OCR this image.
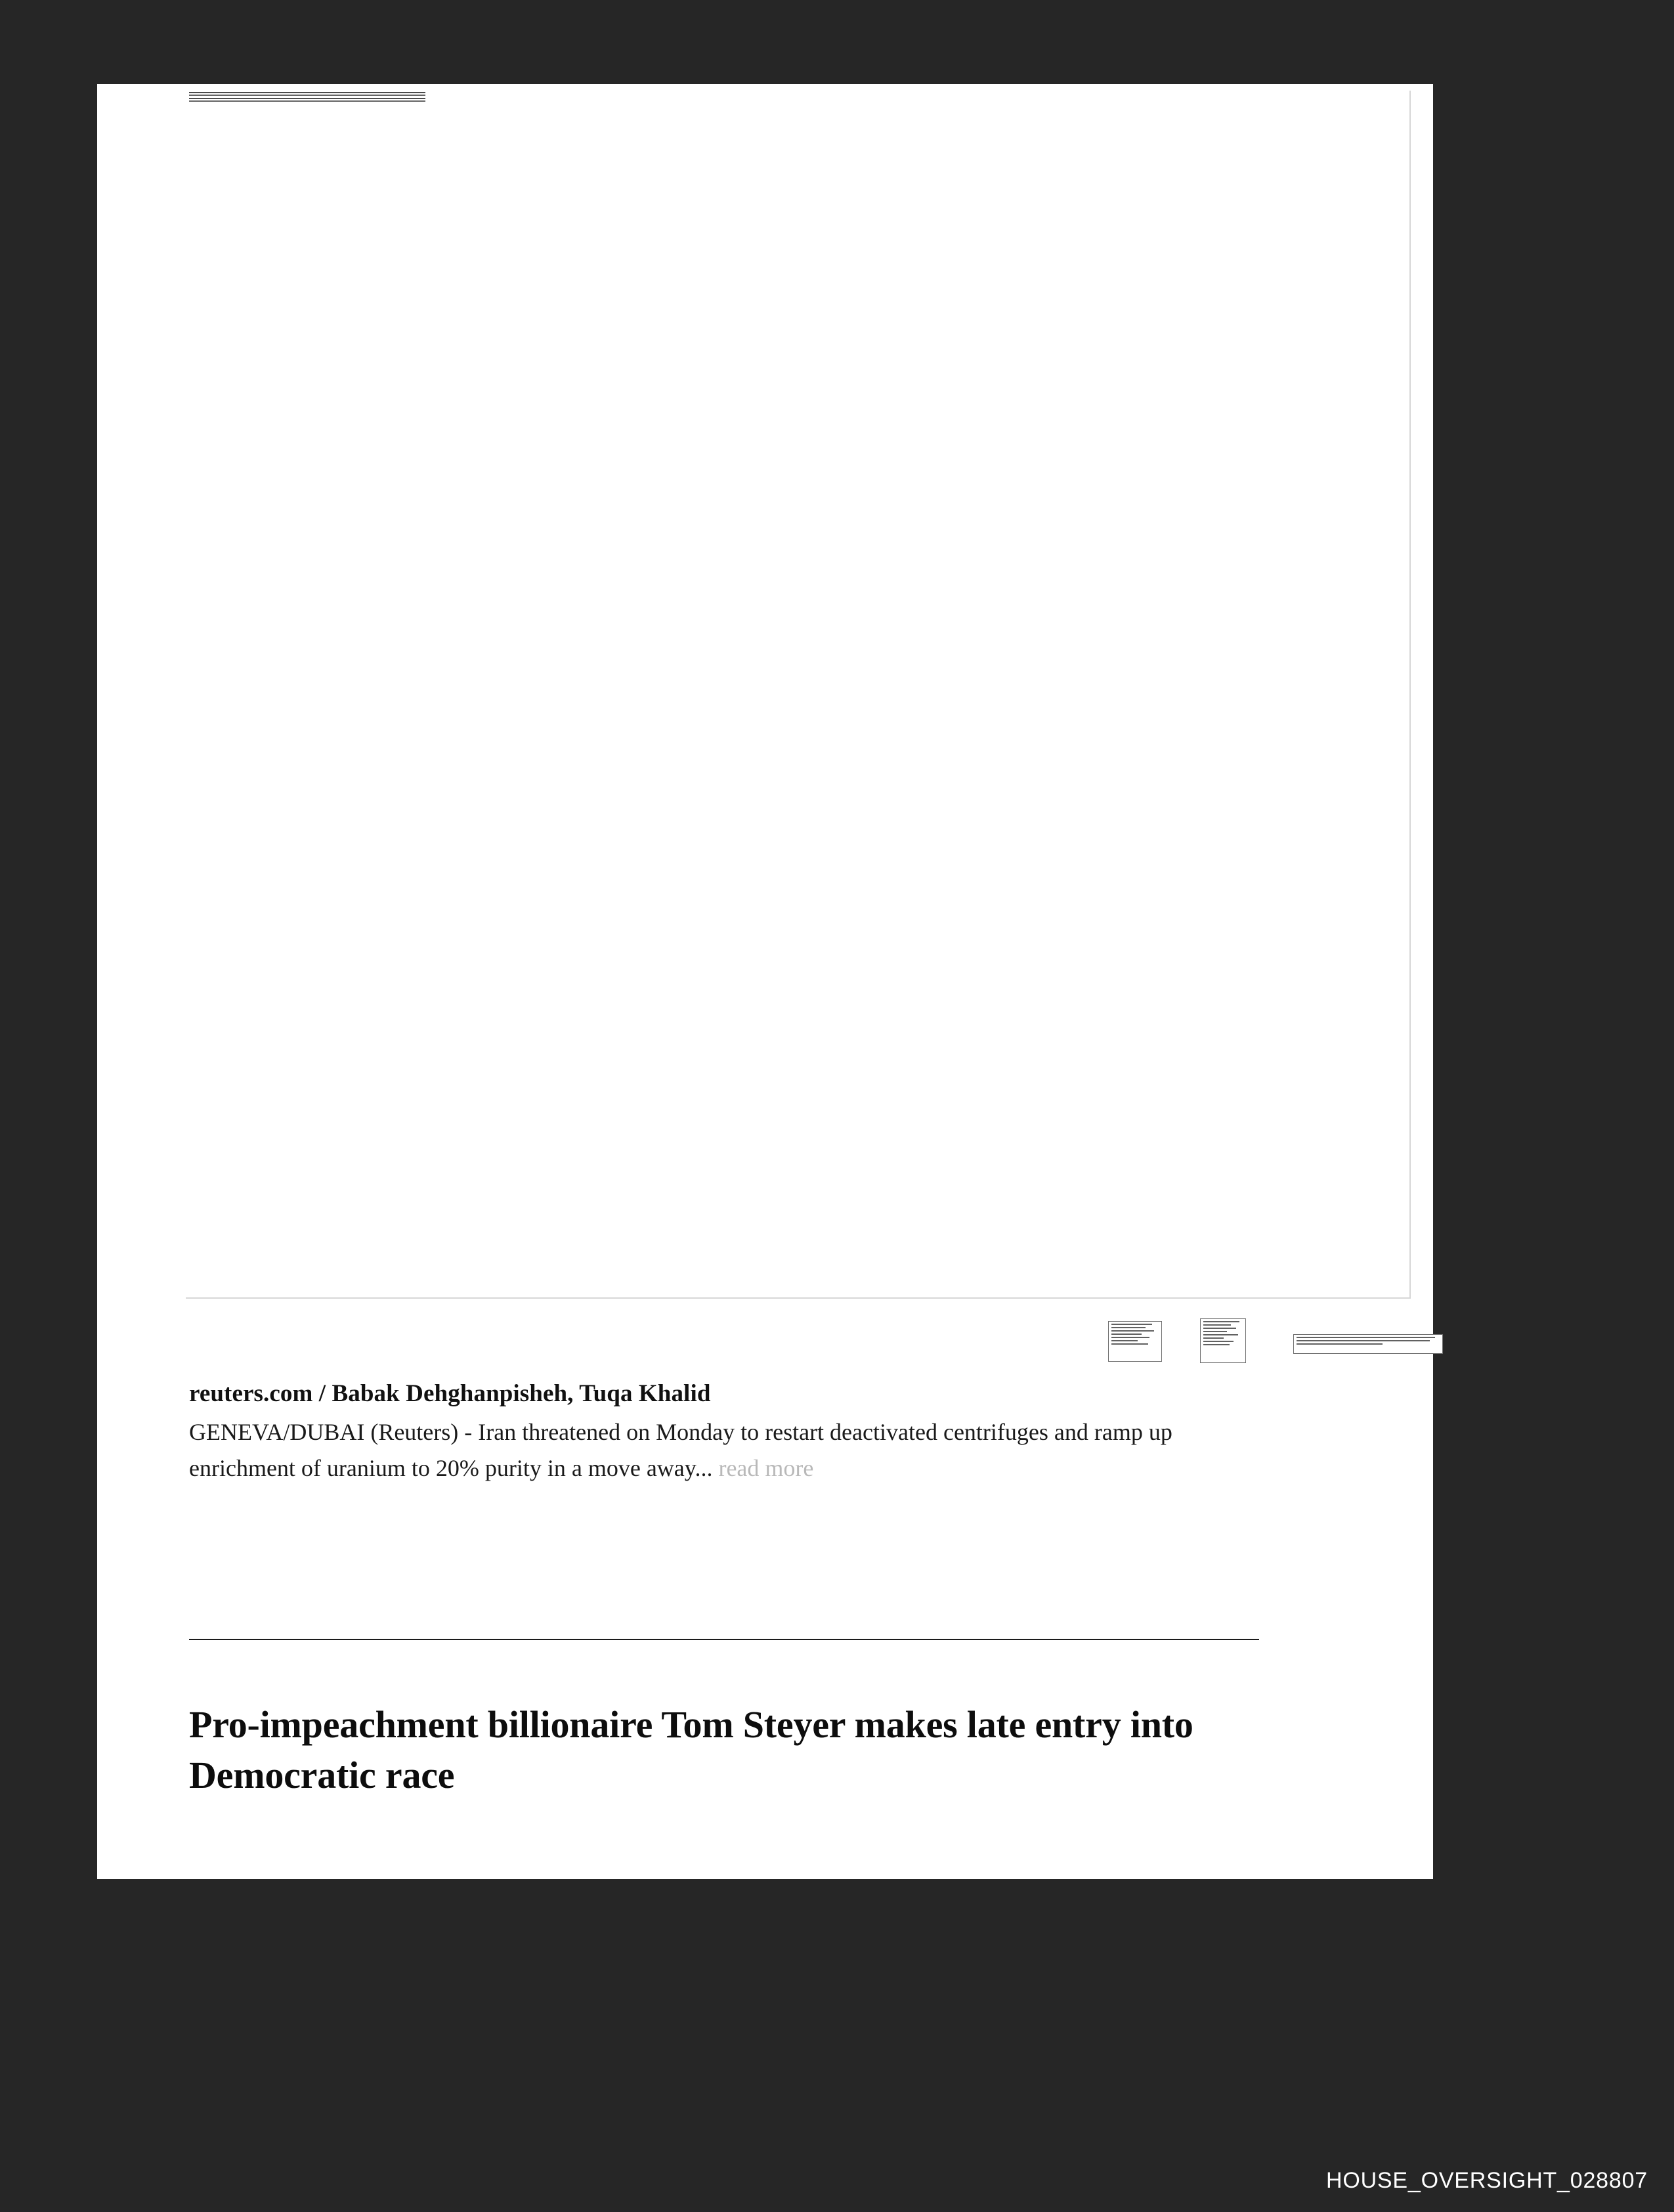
reuters.com / Babak Dehghanpisheh, Tuqa Khalid
GENEVA/DUBAI (Reuters) - Iran threatened on Monday to restart deactivated centrifuges and ramp up enrichment of uranium to 20% purity in a move away... read more
Pro-impeachment billionaire Tom Steyer makes late entry into Democratic race
HOUSE_OVERSIGHT_028807
